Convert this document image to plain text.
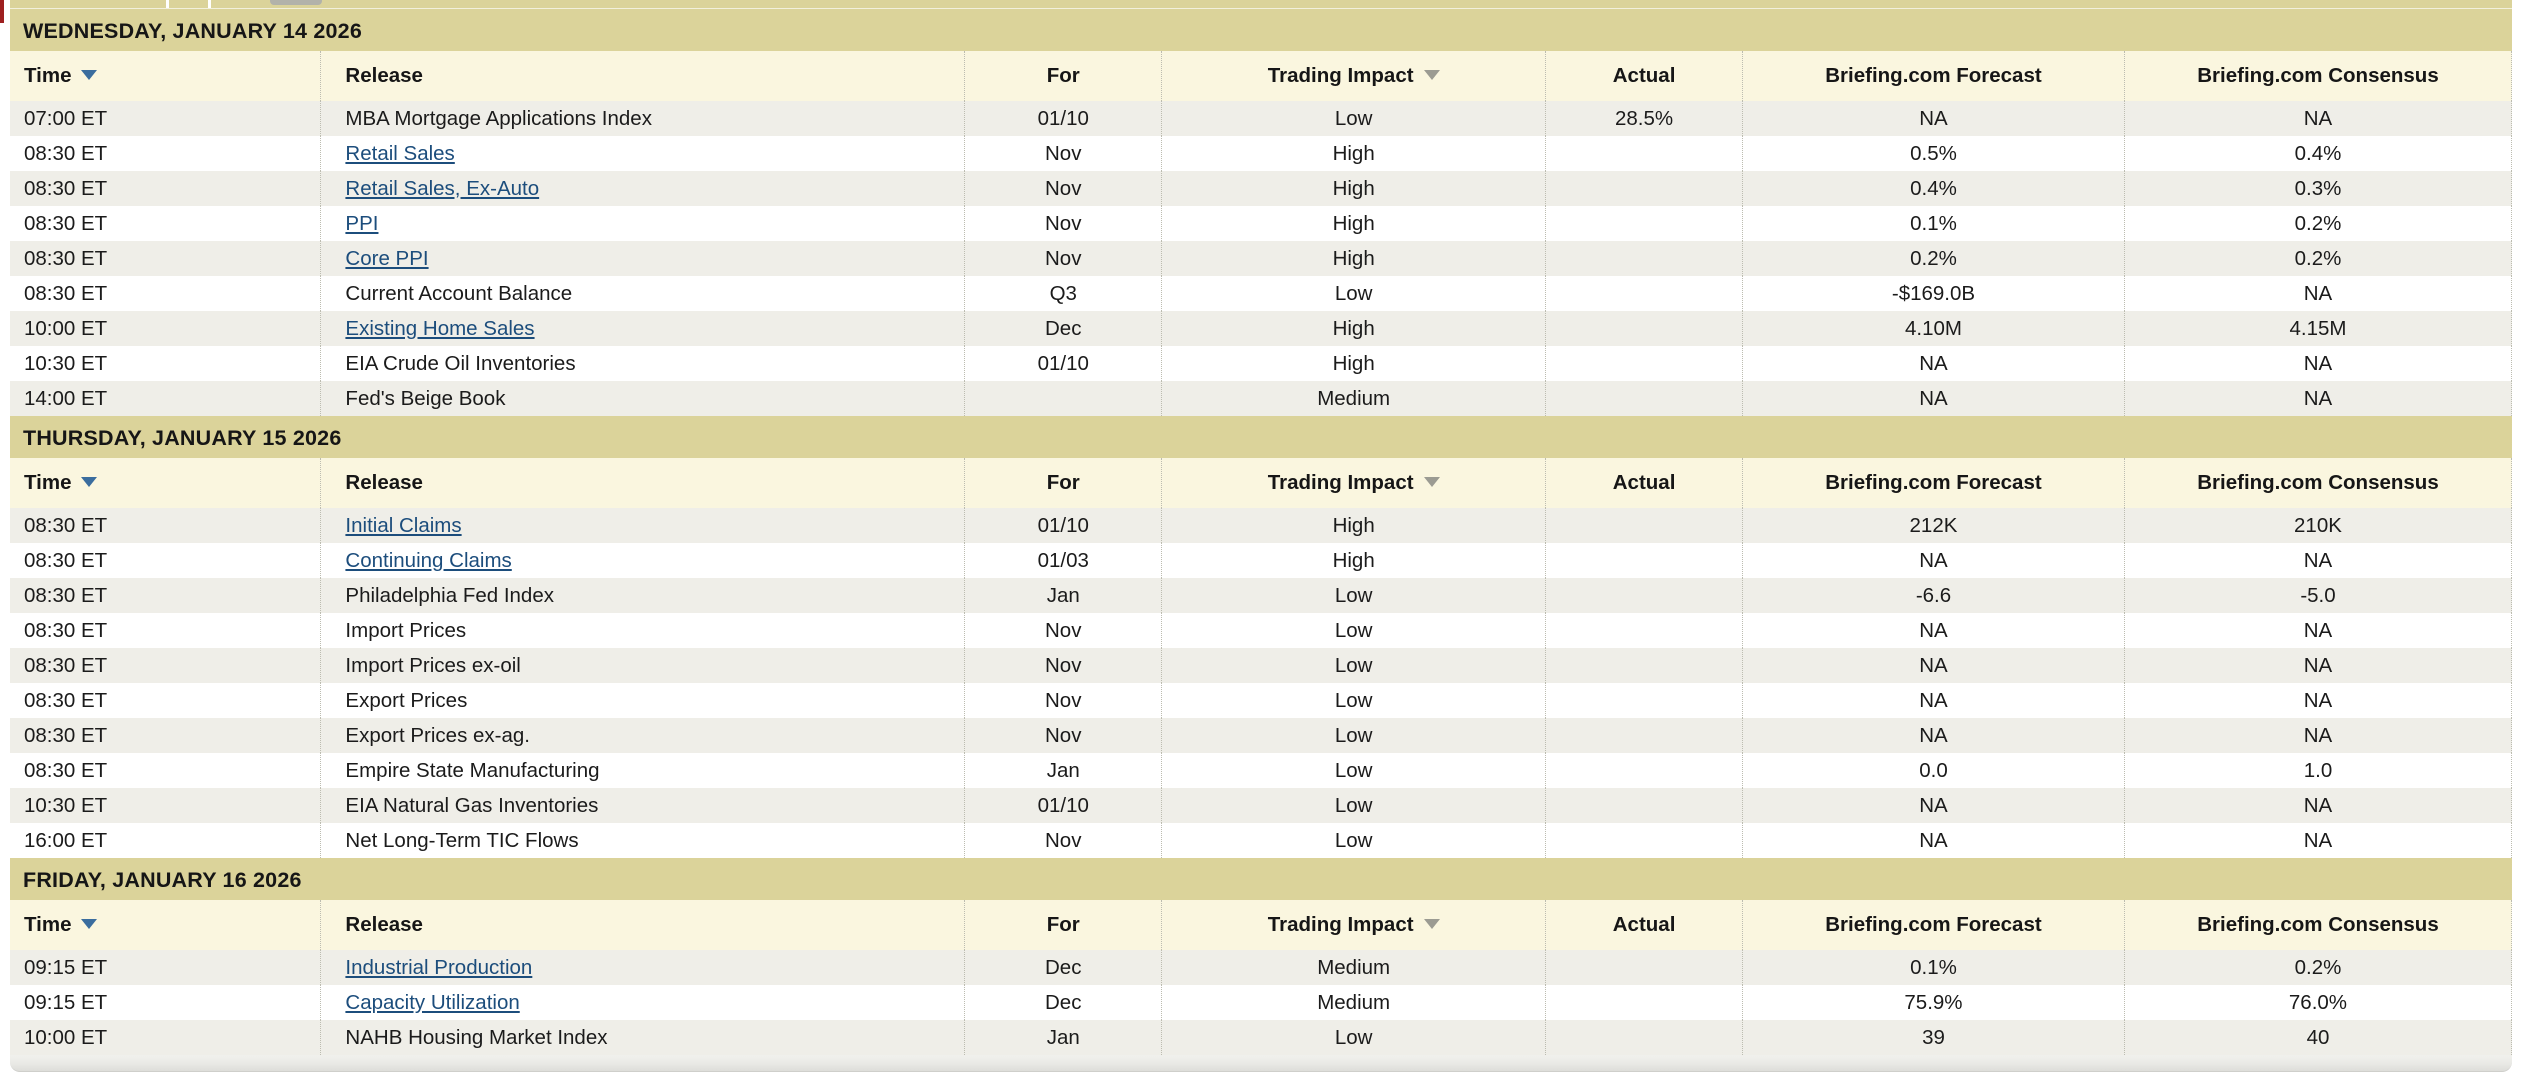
WEDNESDAY, JANUARY 14 2026
Time	Release	For	Trading Impact	Actual	Briefing.com Forecast	Briefing.com Consensus
07:00 ET	MBA Mortgage Applications Index	01/10	Low	28.5%	NA	NA
08:30 ET	Retail Sales	Nov	High		0.5%	0.4%
08:30 ET	Retail Sales, Ex-Auto	Nov	High		0.4%	0.3%
08:30 ET	PPI	Nov	High		0.1%	0.2%
08:30 ET	Core PPI	Nov	High		0.2%	0.2%
08:30 ET	Current Account Balance	Q3	Low		-$169.0B	NA
10:00 ET	Existing Home Sales	Dec	High		4.10M	4.15M
10:30 ET	EIA Crude Oil Inventories	01/10	High		NA	NA
14:00 ET	Fed's Beige Book		Medium		NA	NA
THURSDAY, JANUARY 15 2026
Time	Release	For	Trading Impact	Actual	Briefing.com Forecast	Briefing.com Consensus
08:30 ET	Initial Claims	01/10	High		212K	210K
08:30 ET	Continuing Claims	01/03	High		NA	NA
08:30 ET	Philadelphia Fed Index	Jan	Low		-6.6	-5.0
08:30 ET	Import Prices	Nov	Low		NA	NA
08:30 ET	Import Prices ex-oil	Nov	Low		NA	NA
08:30 ET	Export Prices	Nov	Low		NA	NA
08:30 ET	Export Prices ex-ag.	Nov	Low		NA	NA
08:30 ET	Empire State Manufacturing	Jan	Low		0.0	1.0
10:30 ET	EIA Natural Gas Inventories	01/10	Low		NA	NA
16:00 ET	Net Long-Term TIC Flows	Nov	Low		NA	NA
FRIDAY, JANUARY 16 2026
Time	Release	For	Trading Impact	Actual	Briefing.com Forecast	Briefing.com Consensus
09:15 ET	Industrial Production	Dec	Medium		0.1%	0.2%
09:15 ET	Capacity Utilization	Dec	Medium		75.9%	76.0%
10:00 ET	NAHB Housing Market Index	Jan	Low		39	40
